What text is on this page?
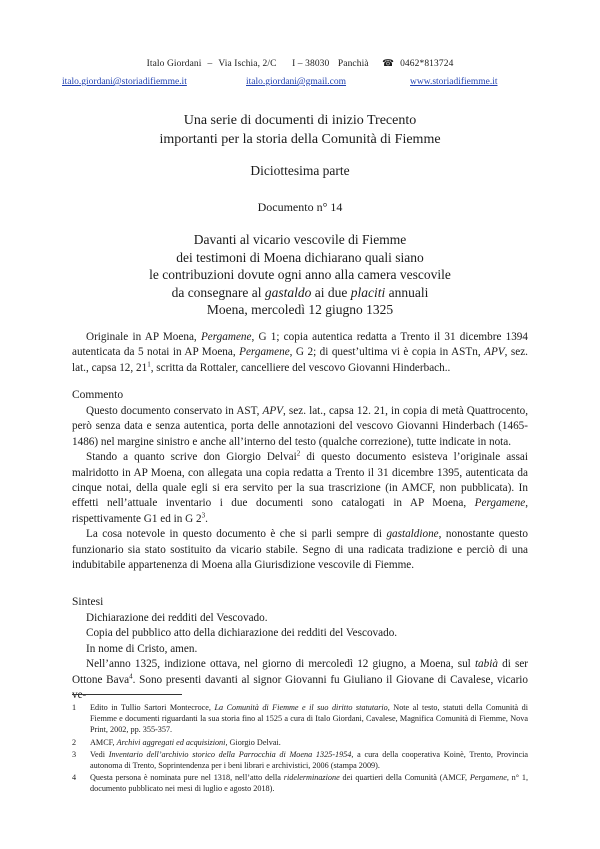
Italo Giordani – Via Ischia, 2/C I – 38030 Panchià ☎ 0462*813724
italo.giordani@storiadifiemme.it	italo.giordani@gmail.com	www.storiadifiemme.it
Una serie di documenti di inizio Trecento
importanti per la storia della Comunità di Fiemme
Diciottesima parte
Documento n° 14
Davanti al vicario vescovile di Fiemme
dei testimoni di Moena dichiarano quali siano
le contribuzioni dovute ogni anno alla camera vescovile
da consegnare al gastaldo ai due placiti annuali
Moena, mercoledì 12 giugno 1325

Originale in AP Moena, Pergamene, G 1; copia autentica redatta a Trento il 31 dicembre 1394 autenticata da 5 notai in AP Moena, Pergamene, G 2; di quest’ultima vi è copia in ASTn, APV, sez. lat., capsa 12, $21^1$, scritta da Rottaler, cancelliere del vescovo Giovanni Hinderbach..

Commento

Questo documento conservato in AST, APV, sez. lat., capsa 12. 21, in copia di metà Quattrocento, però senza data e senza autentica, porta delle annotazioni del vescovo Giovanni Hinderbach (1465-1486) nel margine sinistro e anche all’interno del testo (qualche correzione), tutte indicate in nota.

Stando a quanto scrive don Giorgio Delvai$^2$ di questo documento esisteva l’originale assai malridotto in AP Moena, con allegata una copia redatta a Trento il 31 dicembre 1395, autenticata da cinque notai, della quale egli si era servito per la sua trascrizione (in AMCF, non pubblicata). In effetti nell’attuale inventario i due documenti sono catalogati in AP Moena, Pergamene, rispettivamente G1 ed in G $2^3$.

La cosa notevole in questo documento è che si parli sempre di gastaldione, nonostante questo funzionario sia stato sostituito da vicario stabile. Segno di una radicata tradizione e perciò di una indubitabile appartenenza di Moena alla Giurisdizione vescovile di Fiemme.

Sintesi

Dichiarazione dei redditi del Vescovado.

Copia del pubblico atto della dichiarazione dei redditi del Vescovado.

In nome di Cristo, amen.

Nell’anno 1325, indizione ottava, nel giorno di mercoledì 12 giugno, a Moena, sul tabià di ser Ottone Bava$^4$. Sono presenti davanti al signor Giovanni fu Giuliano il Giovane di Cavalese, vicario ve-

1 Edito in Tullio Sartori Montecroce, La Comunità di Fiemme e il suo diritto statutario, Note al testo, statuti della Comunità di Fiemme e documenti riguardanti la sua storia fino al 1525 a cura di Italo Giordani, Cavalese, Magnifica Comunità di Fiemme, Nova Print, 2002, pp. 355-357.
2 AMCF, Archivi aggregati ed acquisizioni, Giorgio Delvai.
3 Vedi Inventario dell’archivio storico della Parrocchia di Moena 1325-1954, a cura della cooperativa Koinè, Trento, Provincia autonoma di Trento, Soprintendenza per i beni librari e archivistici, 2006 (stampa 2009).
4 Questa persona è nominata pure nel 1318, nell’atto della ridelerminazione dei quartieri della Comunità (AMCF, Pergamene, n° 1, documento pubblicato nei mesi di luglio e agosto 2018).
